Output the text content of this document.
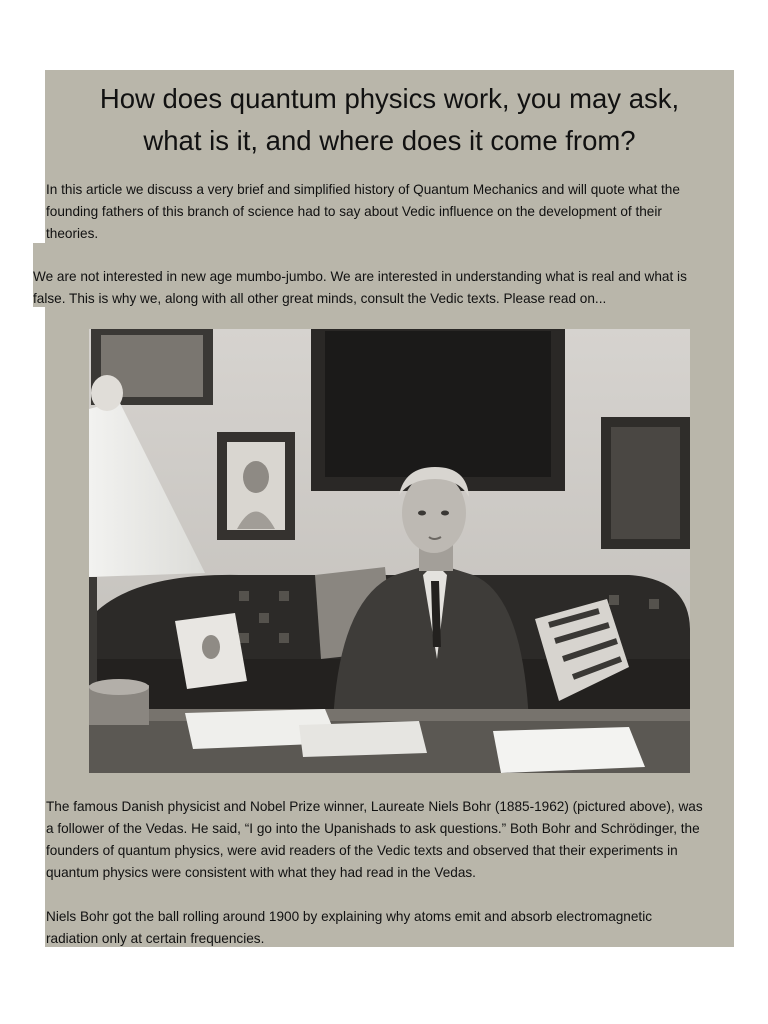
How does quantum physics work, you may ask,
what is it, and where does it come from?

In this article we discuss a very brief and simplified history of Quantum Mechanics and will quote what the
founding fathers of this branch of science had to say about Vedic influence on the development of their
theories.

We are not interested in new age mumbo-jumbo. We are interested in understanding what is real and what is
false. This is why we, along with all other great minds, consult the Vedic texts. Please read on...

The famous Danish physicist and Nobel Prize winner, Laureate Niels Bohr (1885-1962) (pictured above), was
a follower of the Vedas. He said, “I go into the Upanishads to ask questions.” Both Bohr and Schrödinger, the
founders of quantum physics, were avid readers of the Vedic texts and observed that their experiments in
quantum physics were consistent with what they had read in the Vedas.

Niels Bohr got the ball rolling around 1900 by explaining why atoms emit and absorb electromagnetic
radiation only at certain frequencies.
